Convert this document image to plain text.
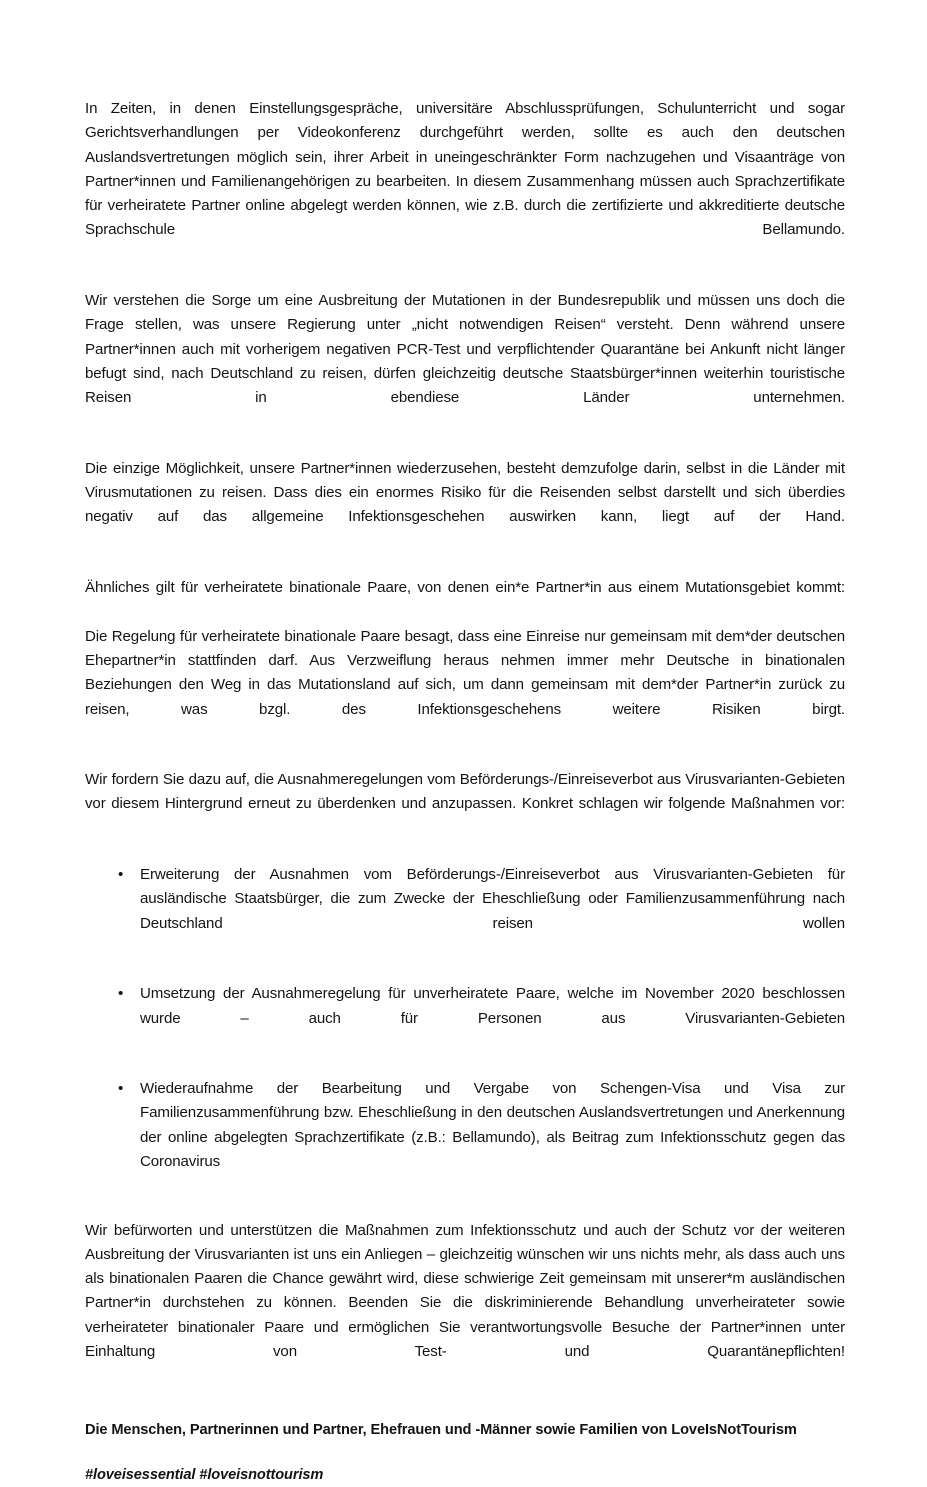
In Zeiten, in denen Einstellungsgespräche, universitäre Abschlussprüfungen, Schulunterricht und sogar Gerichtsverhandlungen per Videokonferenz durchgeführt werden, sollte es auch den deutschen Auslandsvertretungen möglich sein, ihrer Arbeit in uneingeschränkter Form nachzugehen und Visaanträge von Partner*innen und Familienangehörigen zu bearbeiten. In diesem Zusammenhang müssen auch Sprachzertifikate für verheiratete Partner online abgelegt werden können, wie z.B. durch die zertifizierte und akkreditierte deutsche Sprachschule Bellamundo.

Wir verstehen die Sorge um eine Ausbreitung der Mutationen in der Bundesrepublik und müssen uns doch die Frage stellen, was unsere Regierung unter „nicht notwendigen Reisen“ versteht. Denn während unsere Partner*innen auch mit vorherigem negativen PCR-Test und verpflichtender Quarantäne bei Ankunft nicht länger befugt sind, nach Deutschland zu reisen, dürfen gleichzeitig deutsche Staatsbürger*innen weiterhin touristische Reisen in ebendiese Länder unternehmen.

Die einzige Möglichkeit, unsere Partner*innen wiederzusehen, besteht demzufolge darin, selbst in die Länder mit Virusmutationen zu reisen. Dass dies ein enormes Risiko für die Reisenden selbst darstellt und sich überdies negativ auf das allgemeine Infektionsgeschehen auswirken kann, liegt auf der Hand.

Ähnliches gilt für verheiratete binationale Paare, von denen ein*e Partner*in aus einem Mutationsgebiet kommt:

Die Regelung für verheiratete binationale Paare besagt, dass eine Einreise nur gemeinsam mit dem*der deutschen Ehepartner*in stattfinden darf. Aus Verzweiflung heraus nehmen immer mehr Deutsche in binationalen Beziehungen den Weg in das Mutationsland auf sich, um dann gemeinsam mit dem*der Partner*in zurück zu reisen, was bzgl. des Infektionsgeschehens weitere Risiken birgt.

Wir fordern Sie dazu auf, die Ausnahmeregelungen vom Beförderungs-/Einreiseverbot aus Virusvarianten-Gebieten vor diesem Hintergrund erneut zu überdenken und anzupassen. Konkret schlagen wir folgende Maßnahmen vor:

• Erweiterung der Ausnahmen vom Beförderungs-/Einreiseverbot aus Virusvarianten-Gebieten für ausländische Staatsbürger, die zum Zwecke der Eheschließung oder Familienzusammenführung nach Deutschland reisen wollen
• Umsetzung der Ausnahmeregelung für unverheiratete Paare, welche im November 2020 beschlossen wurde – auch für Personen aus Virusvarianten-Gebieten
• Wiederaufnahme der Bearbeitung und Vergabe von Schengen-Visa und Visa zur Familienzusammenführung bzw. Eheschließung in den deutschen Auslandsvertretungen und Anerkennung der online abgelegten Sprachzertifikate (z.B.: Bellamundo), als Beitrag zum Infektionsschutz gegen das Coronavirus

Wir befürworten und unterstützen die Maßnahmen zum Infektionsschutz und auch der Schutz vor der weiteren Ausbreitung der Virusvarianten ist uns ein Anliegen – gleichzeitig wünschen wir uns nichts mehr, als dass auch uns als binationalen Paaren die Chance gewährt wird, diese schwierige Zeit gemeinsam mit unserer*m ausländischen Partner*in durchstehen zu können. Beenden Sie die diskriminierende Behandlung unverheirateter sowie verheirateter binationaler Paare und ermöglichen Sie verantwortungsvolle Besuche der Partner*innen unter Einhaltung von Test- und Quarantänepflichten!

Die Menschen, Partnerinnen und Partner, Ehefrauen und -Männer sowie Familien von LoveIsNotTourism

#loveisessential #loveisnottourism
